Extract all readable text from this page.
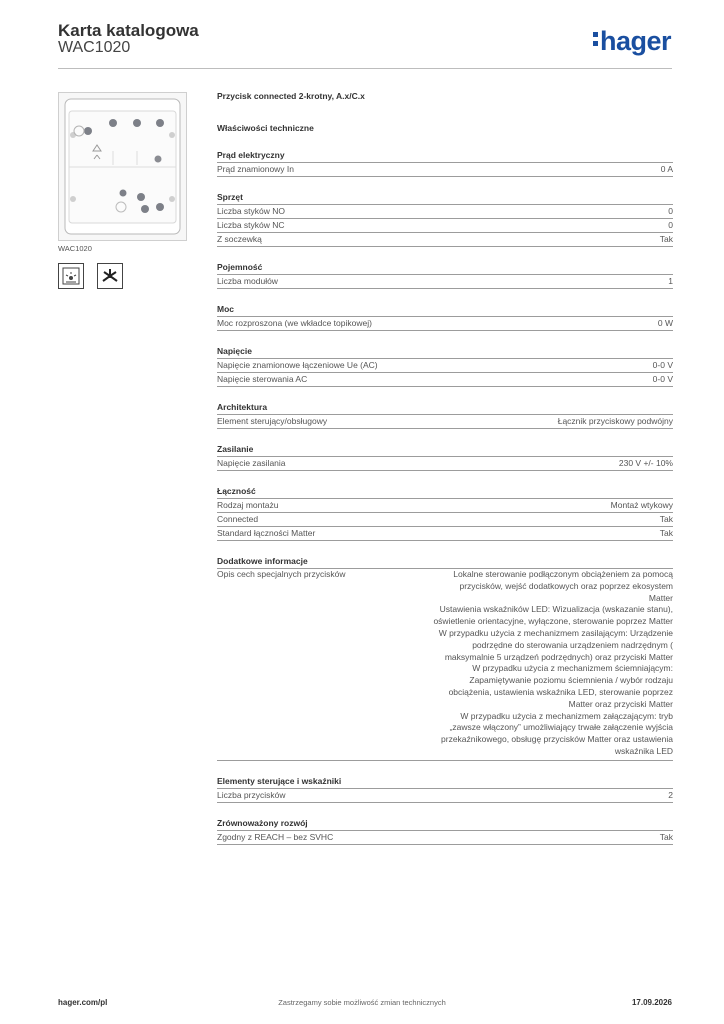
Karta katalogowa
WAC1020	hager
WAC1020
Przycisk connected 2-krotny, A.x/C.x
Właściwości techniczne
Prąd elektryczny
Prąd znamionowy In	0 A
Sprzęt
Liczba styków NO	0
Liczba styków NC	0
Z soczewką	Tak
Pojemność
Liczba modułów	1
Moc
Moc rozproszona (we wkładce topikowej)	0 W
Napięcie
Napięcie znamionowe łączeniowe Ue (AC)	0-0 V
Napięcie sterowania AC	0-0 V
Architektura
Element sterujący/obsługowy	Łącznik przyciskowy podwójny
Zasilanie
Napięcie zasilania	230 V +/- 10%
Łączność
Rodzaj montażu	Montaż wtykowy
Connected	Tak
Standard łączności Matter	Tak
Dodatkowe informacje
Opis cech specjalnych przycisków	Lokalne sterowanie podłączonym obciążeniem za pomocą
przycisków, wejść dodatkowych oraz poprzez ekosystem
Matter
Ustawienia wskaźników LED: Wizualizacja (wskazanie stanu),
oświetlenie orientacyjne, wyłączone, sterowanie poprzez Matter
W przypadku użycia z mechanizmem zasilającym: Urządzenie
podrzędne do sterowania urządzeniem nadrzędnym (
maksymalnie 5 urządzeń podrzędnych) oraz przyciski Matter
W przypadku użycia z mechanizmem ściemniającym:
Zapamiętywanie poziomu ściemnienia / wybór rodzaju
obciążenia, ustawienia wskaźnika LED, sterowanie poprzez
Matter oraz przyciski Matter
W przypadku użycia z mechanizmem załączającym: tryb
„zawsze włączony” umożliwiający trwałe załączenie wyjścia
przekaźnikowego, obsługę przycisków Matter oraz ustawienia
wskaźnika LED
Elementy sterujące i wskaźniki
Liczba przycisków	2
Zrównoważony rozwój
Zgodny z REACH – bez SVHC	Tak
hager.com/pl	Zastrzegamy sobie możliwość zmian technicznych	17.09.2026
